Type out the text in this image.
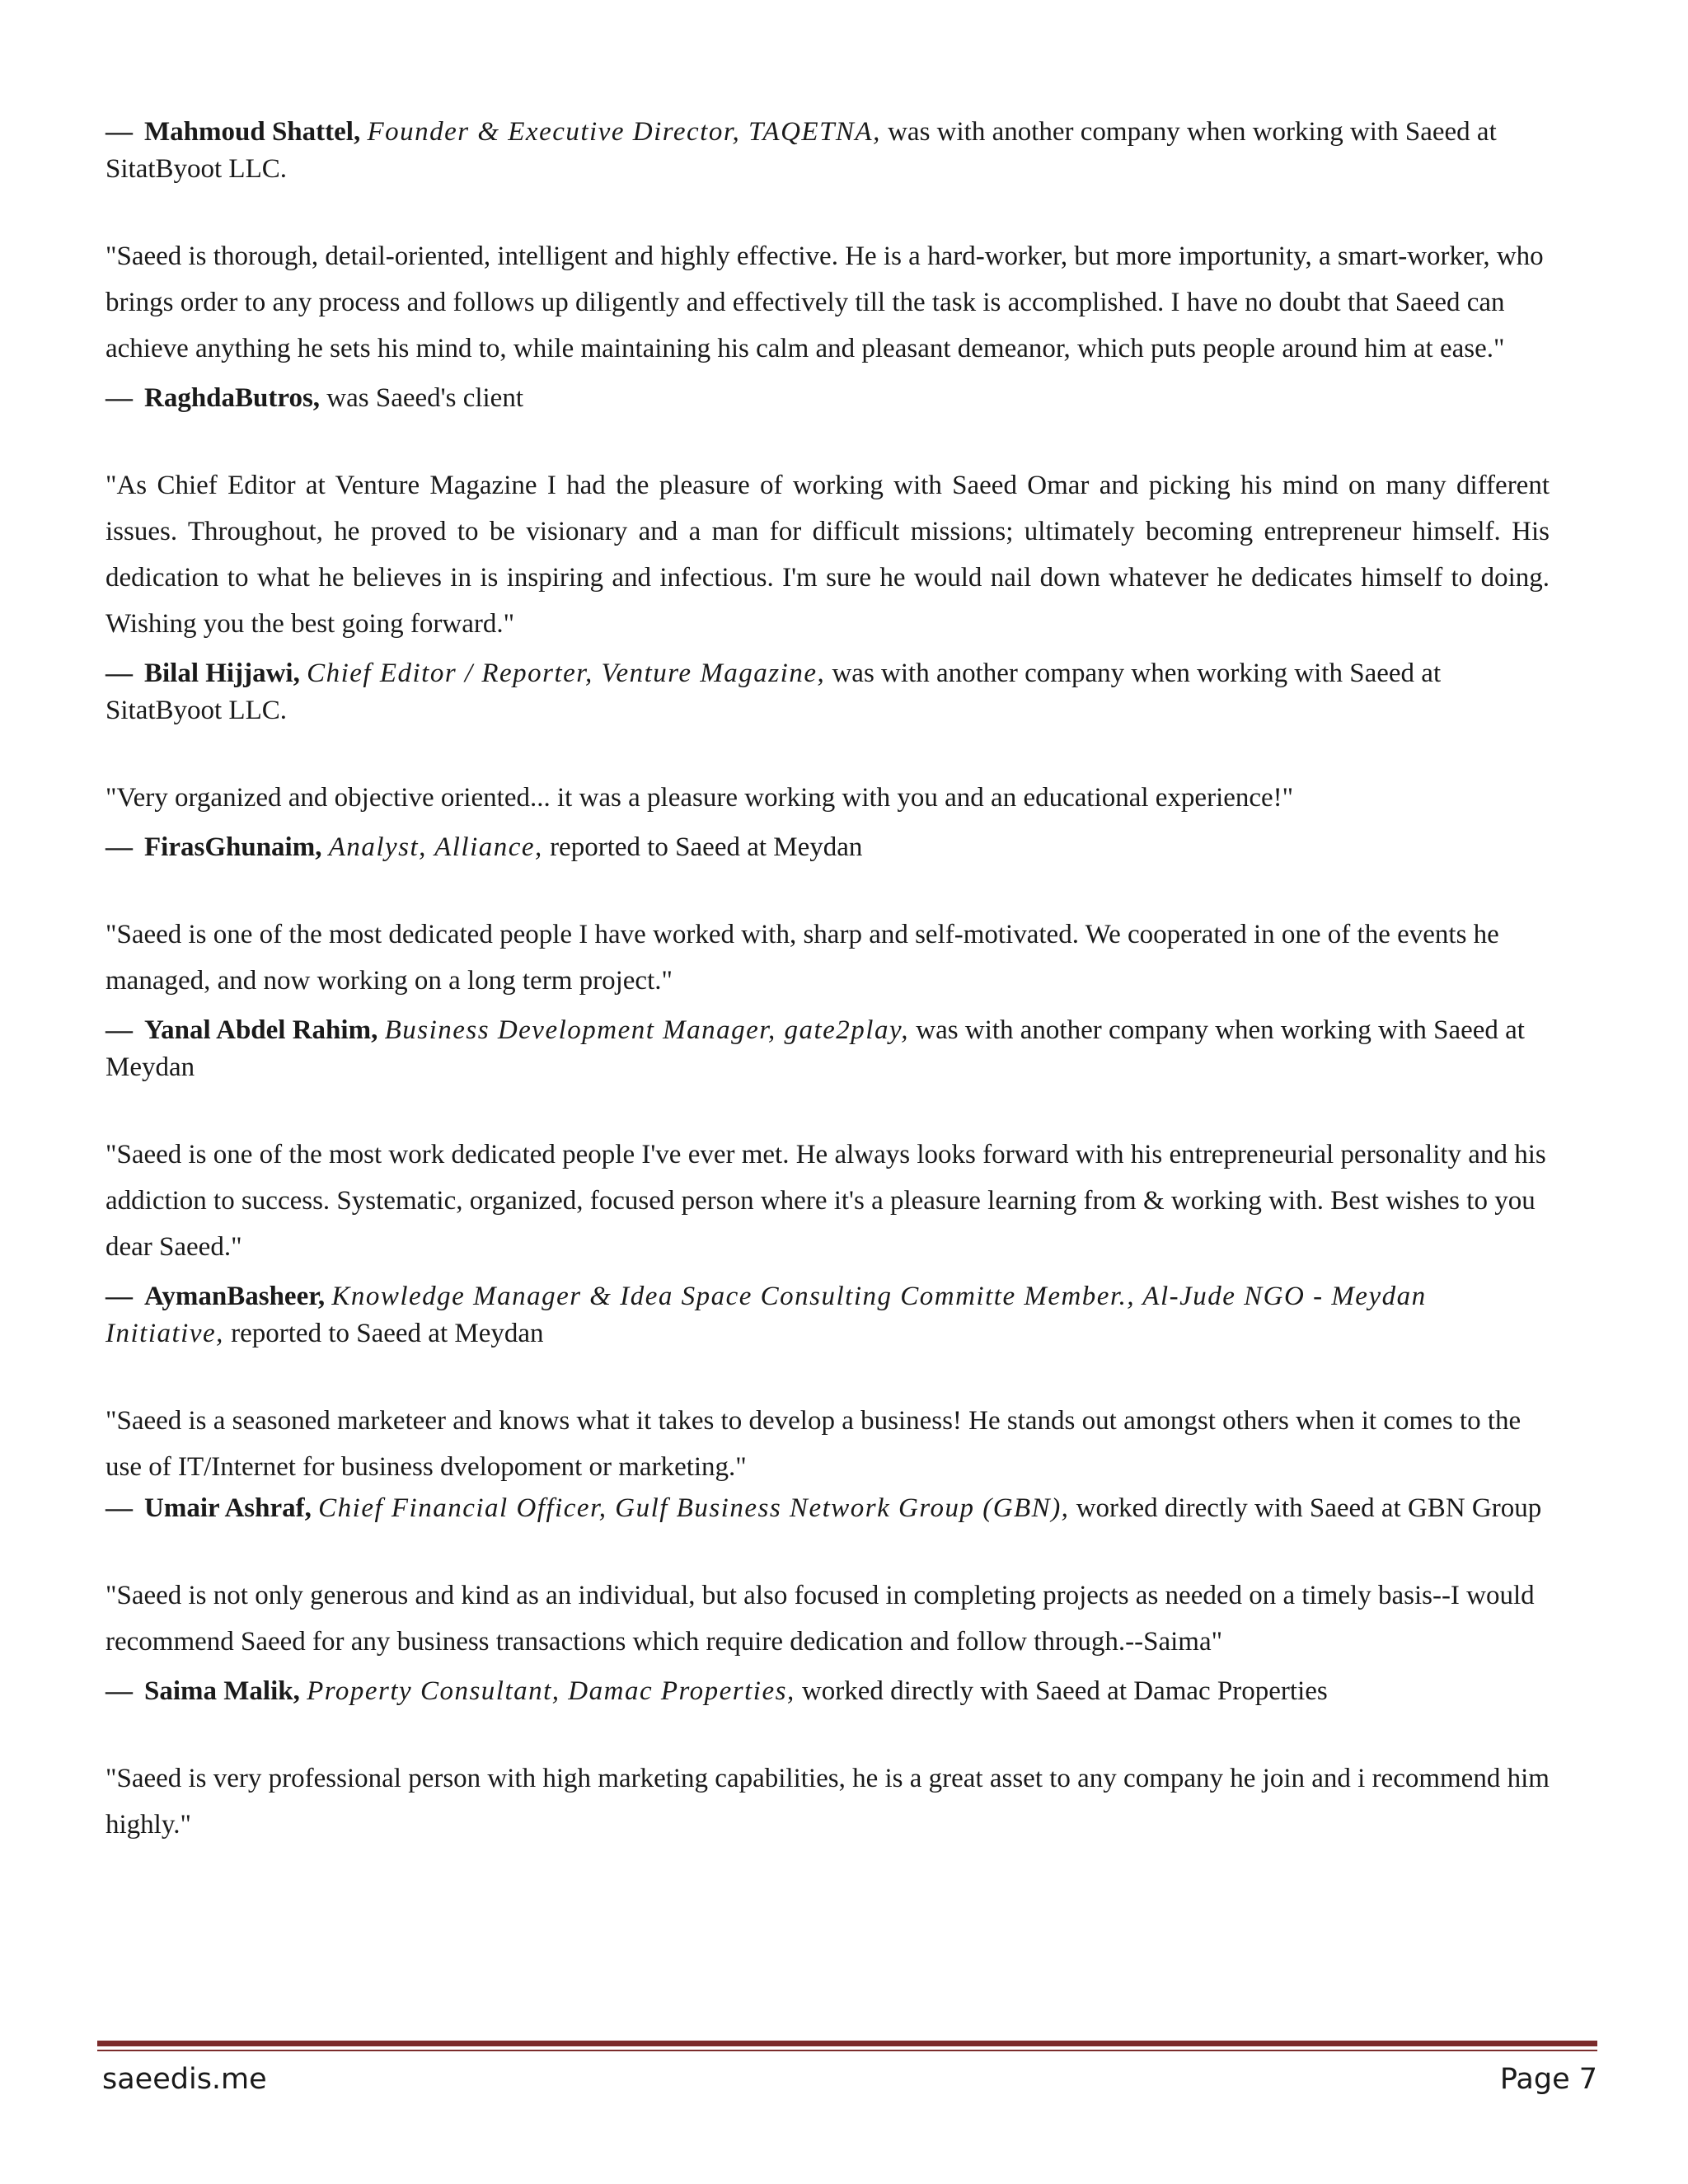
— Mahmoud Shattel, Founder & Executive Director, TAQETNA, was with another company when working with Saeed at SitatByoot LLC.

"Saeed is thorough, detail-oriented, intelligent and highly effective. He is a hard-worker, but more importunity, a smart-worker, who brings order to any process and follows up diligently and effectively till the task is accomplished. I have no doubt that Saeed can achieve anything he sets his mind to, while maintaining his calm and pleasant demeanor, which puts people around him at ease."

— RaghdaButros, was Saeed's client

"As Chief Editor at Venture Magazine I had the pleasure of working with Saeed Omar and picking his mind on many different issues. Throughout, he proved to be visionary and a man for difficult missions; ultimately becoming entrepreneur himself. His dedication to what he believes in is inspiring and infectious. I'm sure he would nail down whatever he dedicates himself to doing. Wishing you the best going forward."

— Bilal Hijjawi, Chief Editor / Reporter, Venture Magazine, was with another company when working with Saeed at SitatByoot LLC.

"Very organized and objective oriented... it was a pleasure working with you and an educational experience!"

— FirasGhunaim, Analyst, Alliance, reported to Saeed at Meydan

"Saeed is one of the most dedicated people I have worked with, sharp and self-motivated. We cooperated in one of the events he managed, and now working on a long term project."

— Yanal Abdel Rahim, Business Development Manager, gate2play, was with another company when working with Saeed at Meydan

"Saeed is one of the most work dedicated people I've ever met. He always looks forward with his entrepreneurial personality and his addiction to success. Systematic, organized, focused person where it's a pleasure learning from & working with. Best wishes to you dear Saeed."

— AymanBasheer, Knowledge Manager & Idea Space Consulting Committe Member., Al-Jude NGO - Meydan Initiative, reported to Saeed at Meydan

"Saeed is a seasoned marketeer and knows what it takes to develop a business! He stands out amongst others when it comes to the use of IT/Internet for business dvelopoment or marketing."

— Umair Ashraf, Chief Financial Officer, Gulf Business Network Group (GBN), worked directly with Saeed at GBN Group

"Saeed is not only generous and kind as an individual, but also focused in completing projects as needed on a timely basis--I would recommend Saeed for any business transactions which require dedication and follow through.--Saima"

— Saima Malik, Property Consultant, Damac Properties, worked directly with Saeed at Damac Properties

"Saeed is very professional person with high marketing capabilities, he is a great asset to any company he join and i recommend him highly."

saeedis.me	Page 7
